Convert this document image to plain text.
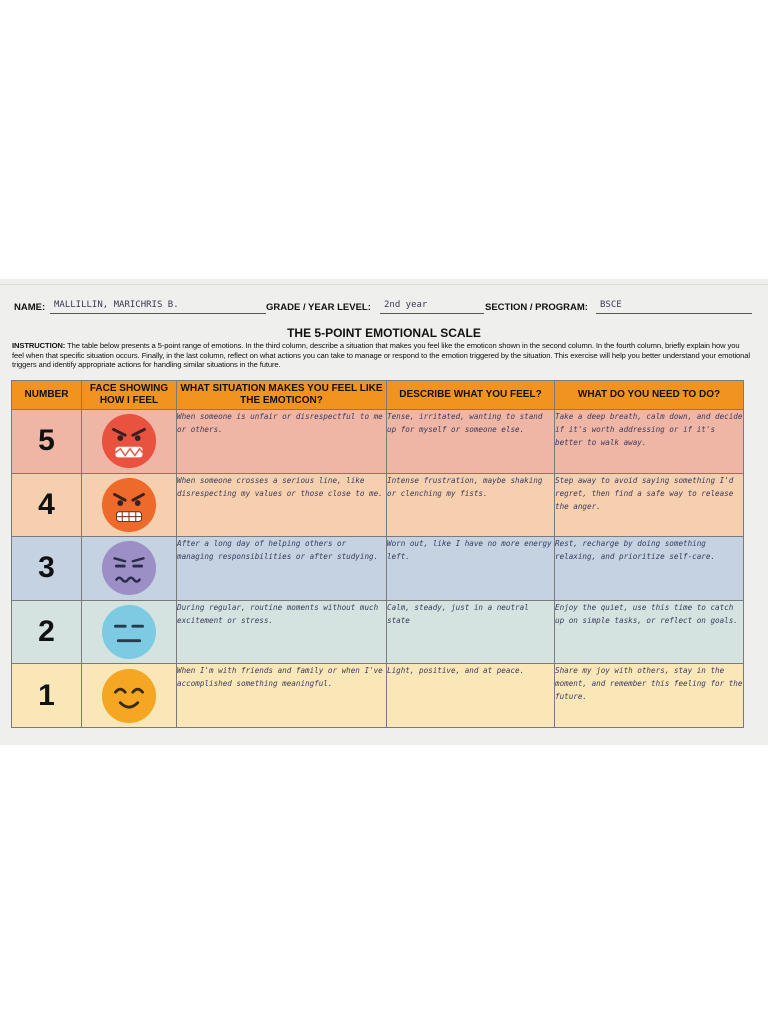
NAME: MALLILLIN, MARICHRIS B.	GRADE / YEAR LEVEL:	2nd year	SECTION / PROGRAM:	BSCE
THE 5-POINT EMOTIONAL SCALE
INSTRUCTION: The table below presents a 5-point range of emotions. In the third column, describe a situation that makes you feel like the emoticon shown in the second column. In the fourth column, briefly explain how you feel when that specific situation occurs. Finally, in the last column, reflect on what actions you can take to manage or respond to the emotion triggered by the situation. This exercise will help you better understand your emotional triggers and identify appropriate actions for handling similar situations in the future.
NUMBER	FACE SHOWING HOW I FEEL	WHAT SITUATION MAKES YOU FEEL LIKE THE EMOTICON?	DESCRIBE WHAT YOU FEEL?	WHAT DO YOU NEED TO DO?
5		When someone is unfair or disrespectful to me or others.	Tense, irritated, wanting to stand up for myself or someone else.	Take a deep breath, calm down, and decide if it's worth addressing or if it's better to walk away.
4		When someone crosses a serious line, like disrespecting my values or those close to me.	Intense frustration, maybe shaking or clenching my fists.	Step away to avoid saying something I'd regret, then find a safe way to release the anger.
3		After a long day of helping others or managing responsibilities or after studying.	Worn out, like I have no more energy left.	Rest, recharge by doing something relaxing, and prioritize self-care.
2		During regular, routine moments without much excitement or stress.	Calm, steady, just in a neutral state	Enjoy the quiet, use this time to catch up on simple tasks, or reflect on goals.
1		When I'm with friends and family or when I've accomplished something meaningful.	Light, positive, and at peace.	Share my joy with others, stay in the moment, and remember this feeling for the future.
